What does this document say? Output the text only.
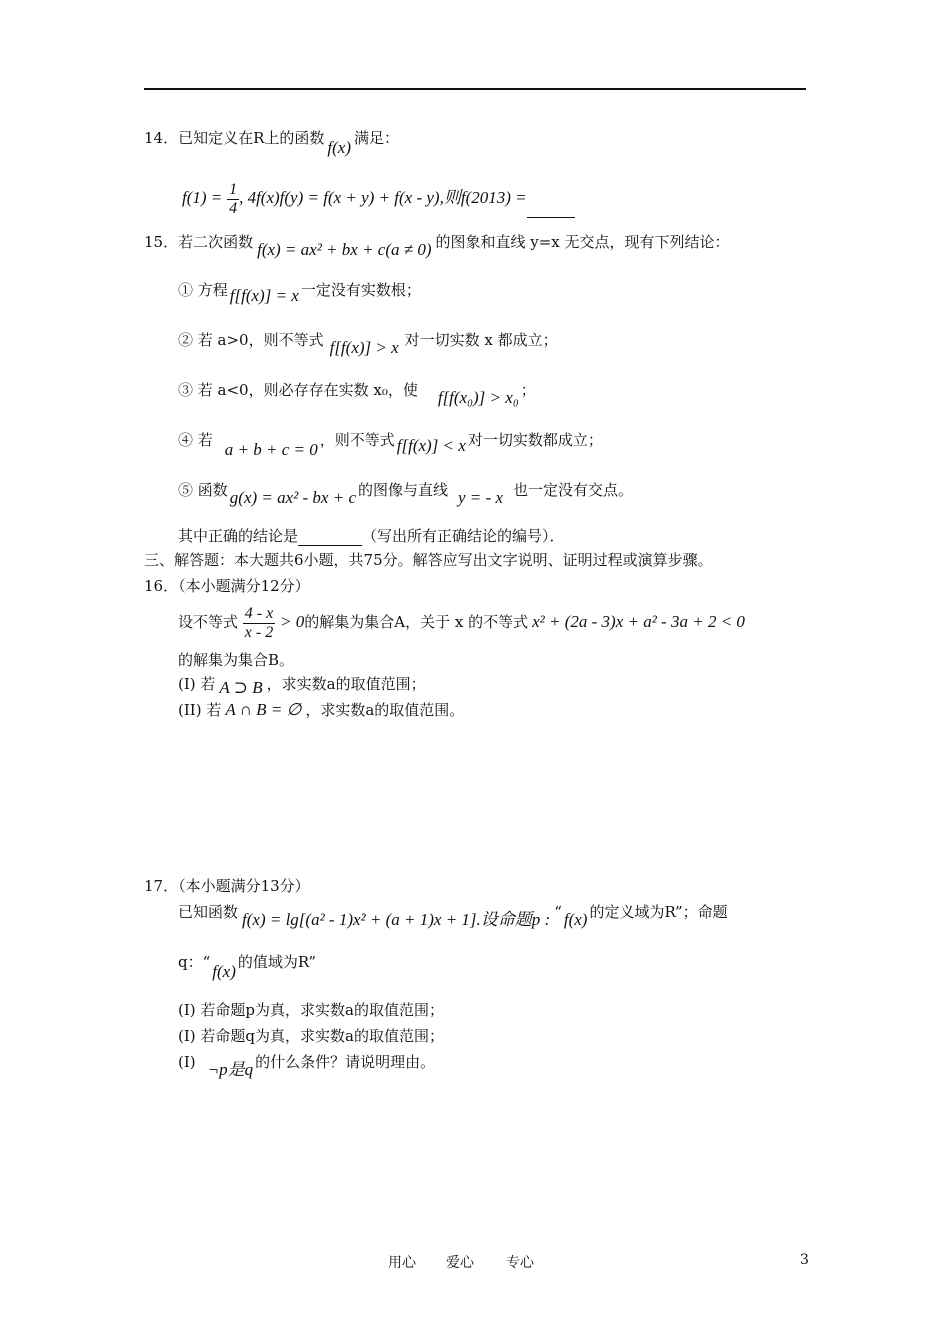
14．已知定义在R上的函数 f(x) 满足：
$f(1) = \frac{1}{4}$ , 4f(x)f(y) = f(x + y) + f(x - y),则f(2013) =
15．若二次函数 f(x) = ax² + bx + c(a ≠ 0) 的图象和直线 y=x 无交点，现有下列结论：
① 方程 f[f(x)] = x 一定没有实数根；
② 若 a>0，则不等式 f[f(x)] > x 对一切实数 x 都成立；
③ 若 a<0，则必存存在实数 x₀，使 f[f(x₀)] > x₀ ；
④ 若 a + b + c = 0 ，则不等式 f[f(x)] < x 对一切实数都成立；
⑤ 函数 g(x) = ax² - bx + c 的图像与直线 y = - x 也一定没有交点。
其中正确的结论是	（写出所有正确结论的编号）．
三、解答题：本大题共6小题，共75分。解答应写出文字说明、证明过程或演算步骤。
16．（本小题满分12分）
设不等式 $\frac{4 - x}{x - 2} > 0$的解集为集合A，关于 x 的不等式 x² + (2a - 3)x + a² - 3a + 2 < 0
的解集为集合B。
(I) 若 A ⊃ B ，求实数a的取值范围；
(II) 若 A ∩ B = ∅ ，求实数a的取值范围。
17．（本小题满分13分）
已知函数 f(x) = lg[(a² - 1)x² + (a + 1)x + 1].设命题p : “ f(x) 的定义域为R”；命题
q：“ f(x) 的值域为R”
(I) 若命题p为真，求实数a的取值范围；
(I) 若命题q为真，求实数a的取值范围；
(I) ¬p是q 的什么条件？请说明理由。
用心 爱心 专心	3
